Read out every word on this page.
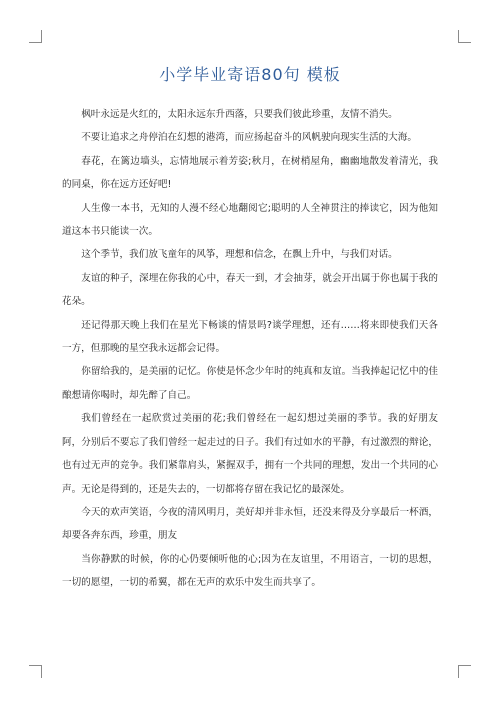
小学毕业寄语80句 模板

枫叶永远是火红的，太阳永远东升西落，只要我们彼此珍重，友情不消失。

不要让追求之舟停泊在幻想的港湾，而应扬起奋斗的风帆驶向现实生活的大海。

春花，在篱边墙头，忘情地展示着芳姿;秋月，在树梢屋角，幽幽地散发着清光，我的同桌，你在远方还好吧!

人生像一本书，无知的人漫不经心地翻阅它;聪明的人全神贯注的捧读它，因为他知道这本书只能读一次。

这个季节，我们放飞童年的风筝，理想和信念，在飘上升中，与我们对话。

友谊的种子，深埋在你我的心中，春天一到，才会抽芽，就会开出属于你也属于我的花朵。

还记得那天晚上我们在星光下畅谈的情景吗?谈学理想，还有……将来即使我们天各一方，但那晚的星空我永远都会记得。

你留给我的，是美丽的记忆。你使是怀念少年时的纯真和友谊。当我捧起记忆中的佳酿想请你喝时，却先醉了自己。

我们曾经在一起欣赏过美丽的花;我们曾经在一起幻想过美丽的季节。我的好朋友阿，分别后不要忘了我们曾经一起走过的日子。我们有过如水的平静，有过激烈的辩论，也有过无声的竞争。我们紧靠肩头，紧握双手，拥有一个共同的理想，发出一个共同的心声。无论是得到的，还是失去的，一切都将存留在我记忆的最深处。

今天的欢声笑语，今夜的清风明月，美好却并非永恒，还没来得及分享最后一杯酒，却要各奔东西，珍重，朋友

当你静默的时候，你的心仍要倾听他的心;因为在友谊里，不用语言，一切的思想，一切的愿望，一切的希翼，都在无声的欢乐中发生而共享了。
